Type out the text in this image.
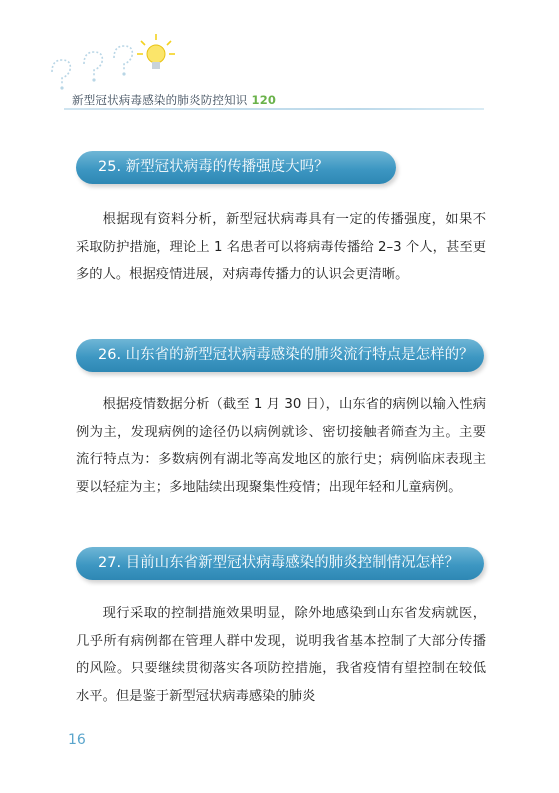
新型冠状病毒感染的肺炎防控知识 120
25. 新型冠状病毒的传播强度大吗？
根据现有资料分析，新型冠状病毒具有一定的传播强度，如果不采取防护措施，理论上 1 名患者可以将病毒传播给 2–3 个人，甚至更多的人。根据疫情进展，对病毒传播力的认识会更清晰。
26. 山东省的新型冠状病毒感染的肺炎流行特点是怎样的？
根据疫情数据分析（截至 1 月 30 日），山东省的病例以输入性病例为主，发现病例的途径仍以病例就诊、密切接触者筛查为主。主要流行特点为：多数病例有湖北等高发地区的旅行史；病例临床表现主要以轻症为主；多地陆续出现聚集性疫情；出现年轻和儿童病例。
27. 目前山东省新型冠状病毒感染的肺炎控制情况怎样？
现行采取的控制措施效果明显，除外地感染到山东省发病就医，几乎所有病例都在管理人群中发现，说明我省基本控制了大部分传播的风险。只要继续贯彻落实各项防控措施，我省疫情有望控制在较低水平。但是鉴于新型冠状病毒感染的肺炎
16
